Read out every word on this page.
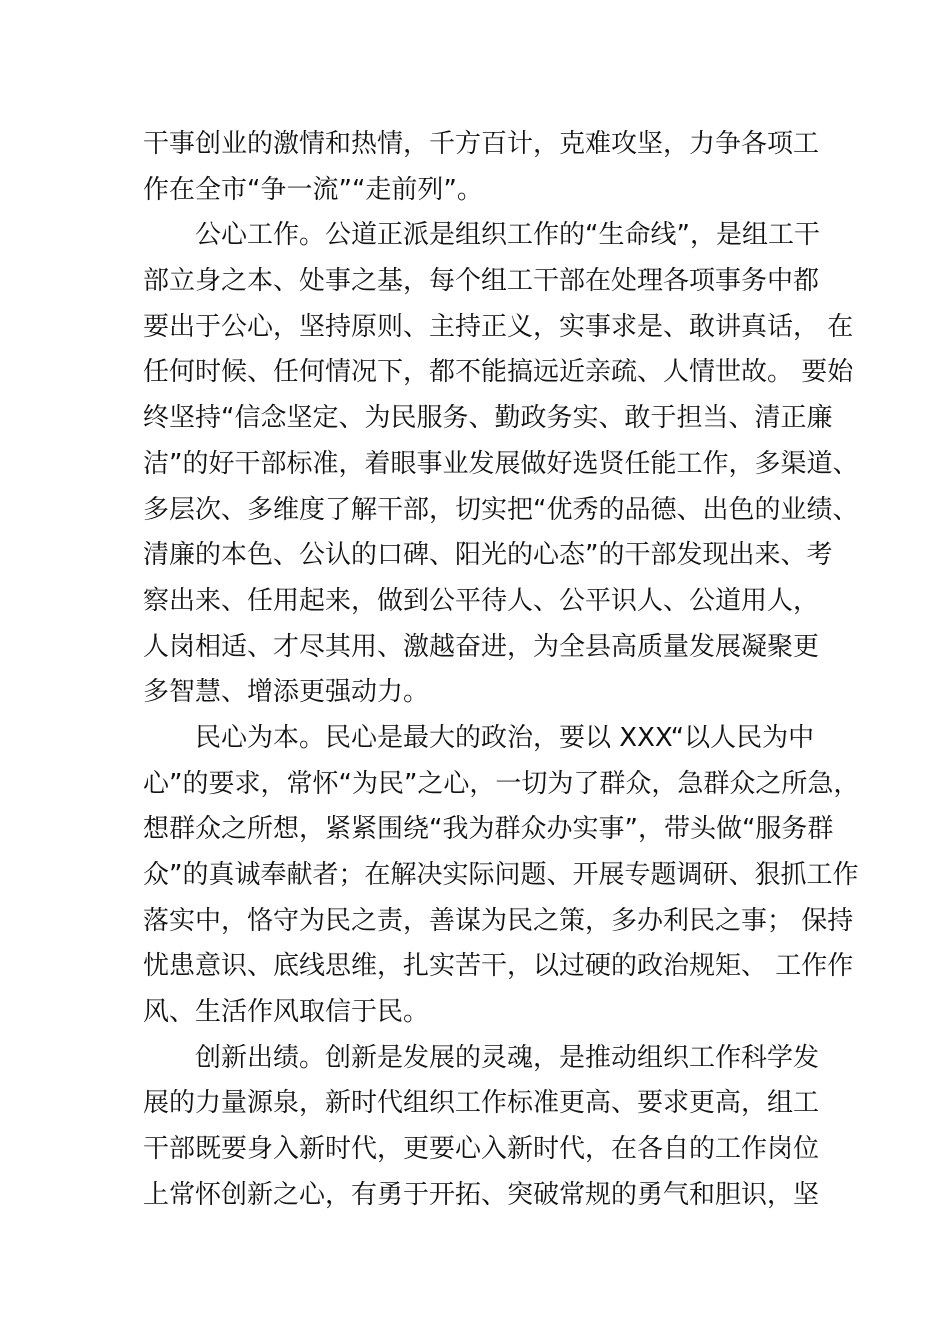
干事创业的激情和热情，千方百计，克难攻坚，力争各项工
作在全市“争一流”“走前列”。
公心工作。公道正派是组织工作的“生命线”，是组工干
部立身之本、处事之基，每个组工干部在处理各项事务中都
要出于公心，坚持原则、主持正义，实事求是、敢讲真话， 在
任何时候、任何情况下，都不能搞远近亲疏、人情世故。 要始
终坚持“信念坚定、为民服务、勤政务实、敢于担当、清正廉
洁”的好干部标准，着眼事业发展做好选贤任能工作，多渠道、
多层次、多维度了解干部，切实把“优秀的品德、出色的业绩、
清廉的本色、公认的口碑、阳光的心态”的干部发现出来、考
察出来、任用起来，做到公平待人、公平识人、公道用人，
人岗相适、才尽其用、激越奋进，为全县高质量发展凝聚更
多智慧、增添更强动力。
民心为本。民心是最大的政治，要以 XXX“以人民为中
心”的要求，常怀“为民”之心，一切为了群众，急群众之所急，
想群众之所想，紧紧围绕“我为群众办实事”，带头做“服务群
众”的真诚奉献者；在解决实际问题、开展专题调研、狠抓工作
落实中，恪守为民之责，善谋为民之策，多办利民之事； 保持
忧患意识、底线思维，扎实苦干，以过硬的政治规矩、 工作作
风、生活作风取信于民。
创新出绩。创新是发展的灵魂，是推动组织工作科学发
展的力量源泉，新时代组织工作标准更高、要求更高，组工
干部既要身入新时代，更要心入新时代，在各自的工作岗位
上常怀创新之心，有勇于开拓、突破常规的勇气和胆识，坚
